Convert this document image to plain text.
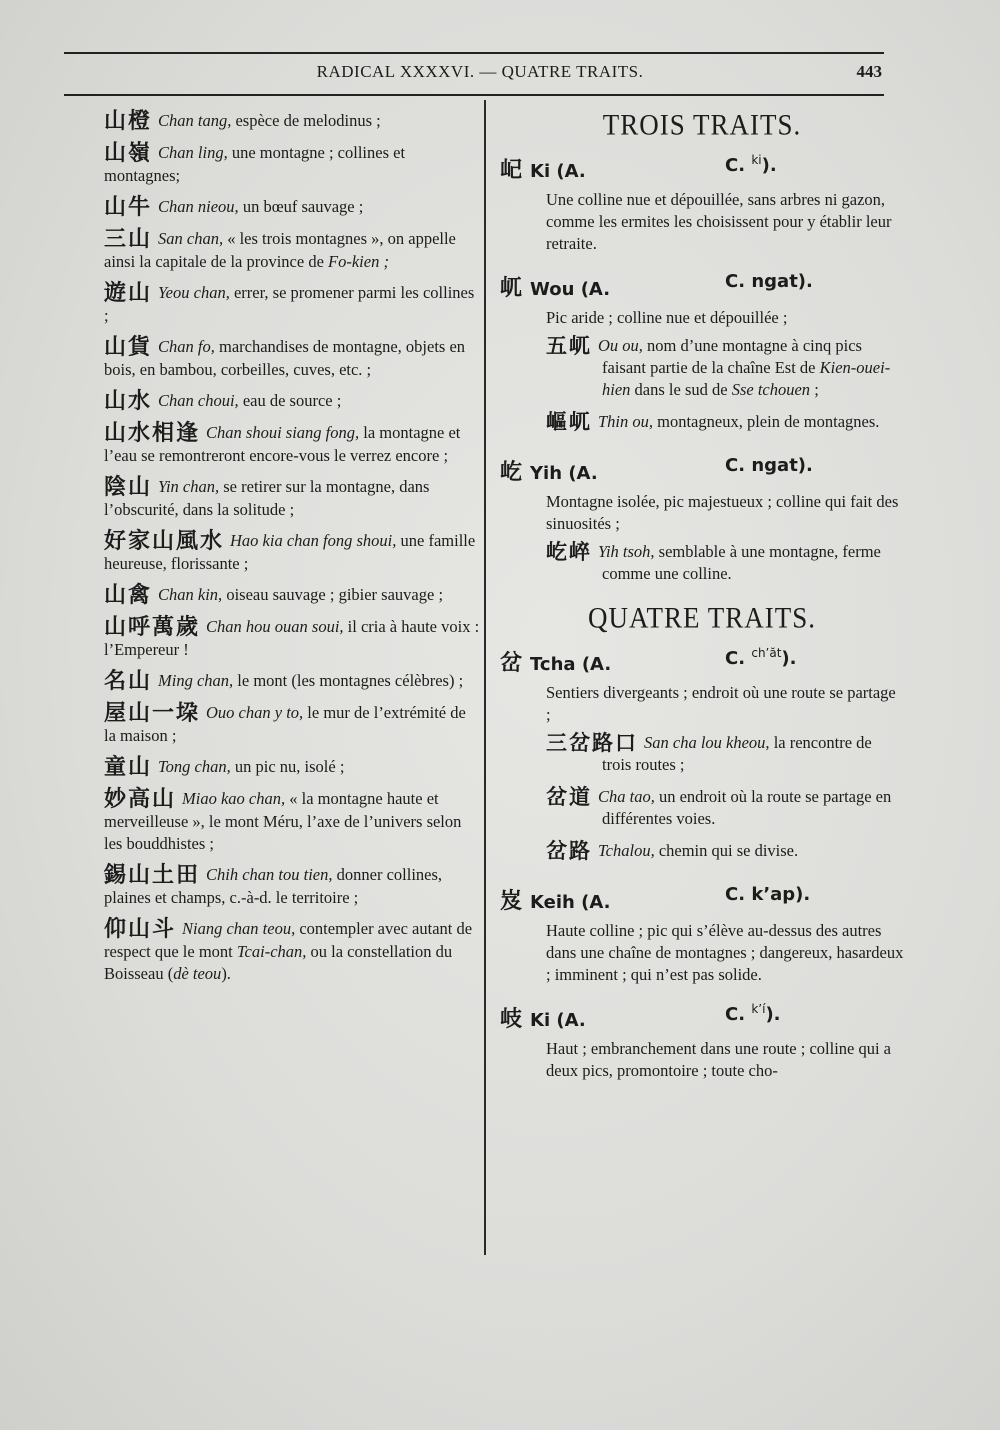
RADICAL XXXXVI. — QUATRE TRAITS.	443
山橙 Chan tang, espèce de melodinus ;
山嶺 Chan ling, une montagne ; collines et montagnes;
山牛 Chan nieou, un bœuf sauvage ;
三山 San chan, « les trois montagnes », on appelle ainsi la capitale de la province de Fo-kien ;
遊山 Yeou chan, errer, se promener parmi les collines ;
山貨 Chan fo, marchandises de montagne, objets en bois, en bambou, corbeilles, cuves, etc. ;
山水 Chan choui, eau de source ;
山水相逢 Chan shoui siang fong, la montagne et l’eau se remontreront encore-vous le verrez encore ;
陰山 Yin chan, se retirer sur la montagne, dans l’obscurité, dans la solitude ;
好家山風水 Hao kia chan fong shoui, une famille heureuse, florissante ;
山禽 Chan kin, oiseau sauvage ; gibier sauvage ;
山呼萬歲 Chan hou ouan soui, il cria à haute voix : l’Empereur !
名山 Ming chan, le mont (les montagnes célèbres) ;
屋山一垜 Ouo chan y to, le mur de l’extrémité de la maison ;
童山 Tong chan, un pic nu, isolé ;
妙高山 Miao kao chan, « la montagne haute et merveilleuse », le mont Méru, l’axe de l’univers selon les bouddhistes ;
錫山土田 Chih chan tou tien, donner collines, plaines et champs, c.-à-d. le territoire ;
仰山斗 Niang chan teou, contempler avec autant de respect que le mont Tcai-chan, ou la constellation du Boisseau (dè teou).
TROIS TRAITS.
屺 Ki (A.	C. $^{ki}$).
Une colline nue et dépouillée, sans arbres ni gazon, comme les ermites les choisissent pour y établir leur retraite.
屼 Wou (A.	C. ngat).
Pic aride ; colline nue et dépouillée ;
五屼 Ou ou, nom d’une montagne à cinq pics faisant partie de la chaîne Est de Kien-ouei-hien dans le sud de Sse tchouen ;
嶇屼 Thin ou, montagneux, plein de montagnes.
屹 Yih (A.	C. ngat).
Montagne isolée, pic majestueux ; colline qui fait des sinuosités ;
屹崪 Yih tsoh, semblable à une montagne, ferme comme une colline.
QUATRE TRAITS.
岔 Tcha (A.	C. $^{ch’ăt}$).
Sentiers divergeants ; endroit où une route se partage ;
三岔路口 San cha lou kheou, la rencontre de trois routes ;
岔道 Cha tao, un endroit où la route se partage en différentes voies.
岔路 Tchalou, chemin qui se divise.
岌 Keih (A.	C. k’ap).
Haute colline ; pic qui s’élève au-dessus des autres dans une chaîne de montagnes ; dangereux, hasardeux ; imminent ; qui n’est pas solide.
岐 Ki (A.	C. $^{k’í}$).
Haut ; embranchement dans une route ; colline qui a deux pics, promontoire ; toute cho-
